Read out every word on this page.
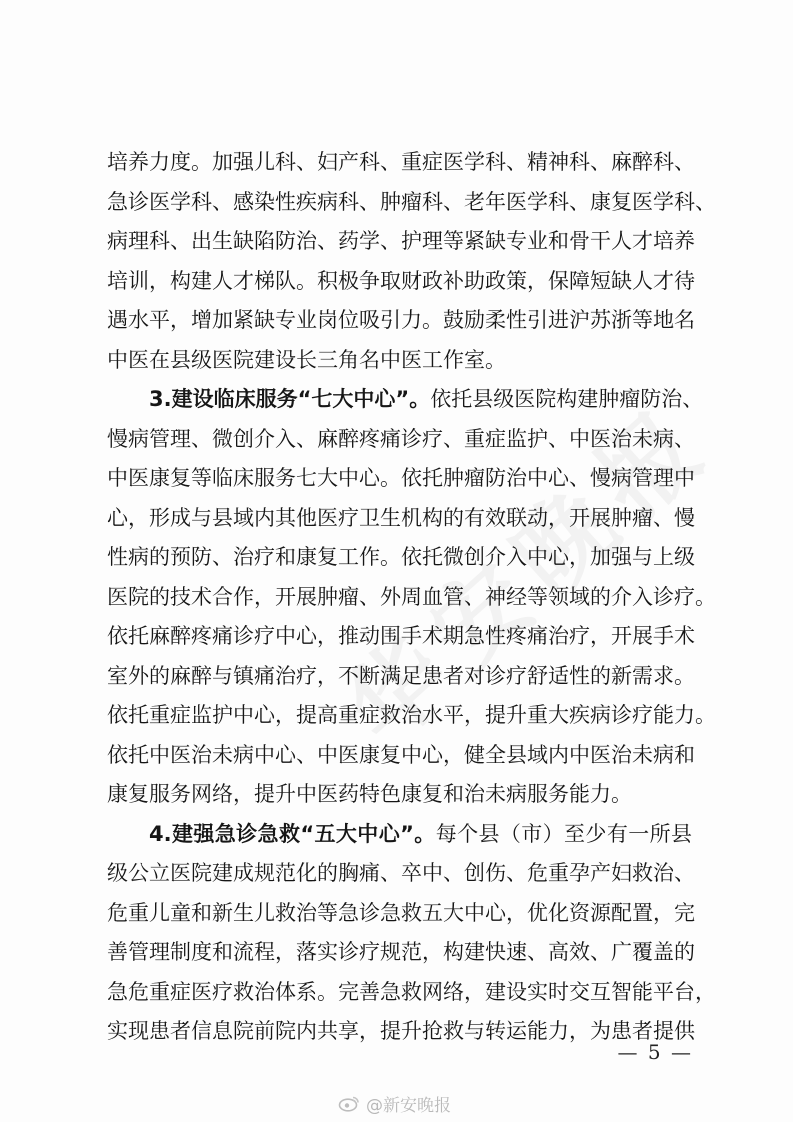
培养力度。加强儿科、妇产科、重症医学科、精神科、麻醉科、
急诊医学科、感染性疾病科、肿瘤科、老年医学科、康复医学科、
病理科、出生缺陷防治、药学、护理等紧缺专业和骨干人才培养
培训，构建人才梯队。积极争取财政补助政策，保障短缺人才待
遇水平，增加紧缺专业岗位吸引力。鼓励柔性引进沪苏浙等地名
中医在县级医院建设长三角名中医工作室。
3.建设临床服务“七大中心”。依托县级医院构建肿瘤防治、
慢病管理、微创介入、麻醉疼痛诊疗、重症监护、中医治未病、
中医康复等临床服务七大中心。依托肿瘤防治中心、慢病管理中
心，形成与县域内其他医疗卫生机构的有效联动，开展肿瘤、慢
性病的预防、治疗和康复工作。依托微创介入中心，加强与上级
医院的技术合作，开展肿瘤、外周血管、神经等领域的介入诊疗。
依托麻醉疼痛诊疗中心，推动围手术期急性疼痛治疗，开展手术
室外的麻醉与镇痛治疗，不断满足患者对诊疗舒适性的新需求。
依托重症监护中心，提高重症救治水平，提升重大疾病诊疗能力。
依托中医治未病中心、中医康复中心，健全县域内中医治未病和
康复服务网络，提升中医药特色康复和治未病服务能力。
4.建强急诊急救“五大中心”。每个县（市）至少有一所县
级公立医院建成规范化的胸痛、卒中、创伤、危重孕产妇救治、
危重儿童和新生儿救治等急诊急救五大中心，优化资源配置，完
善管理制度和流程，落实诊疗规范，构建快速、高效、广覆盖的
急危重症医疗救治体系。完善急救网络，建设实时交互智能平台，
实现患者信息院前院内共享，提升抢救与转运能力，为患者提供
— 5 —
@新安晚报
